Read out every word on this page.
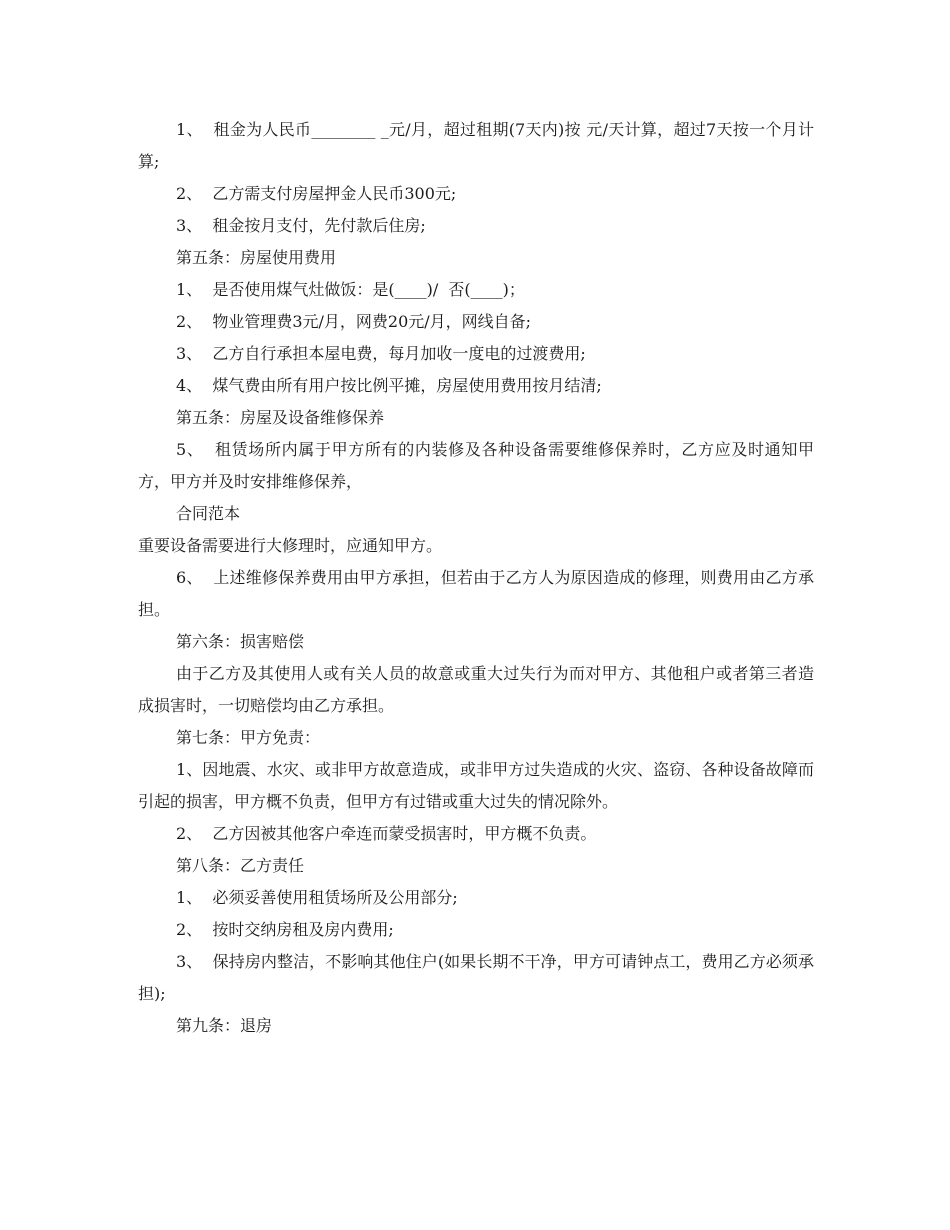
1、  租金为人民币________ _元/月，超过租期(7天内)按 元/天计算，超过7天按一个月计算;

2、  乙方需支付房屋押金人民币300元;

3、  租金按月支付，先付款后住房;

第五条：房屋使用费用

1、  是否使用煤气灶做饭：是(____)/  否(____)；

2、  物业管理费3元/月，网费20元/月，网线自备;

3、  乙方自行承担本屋电费，每月加收一度电的过渡费用;

4、  煤气费由所有用户按比例平摊，房屋使用费用按月结清;

第五条：房屋及设备维修保养

5、  租赁场所内属于甲方所有的内装修及各种设备需要维修保养时，乙方应及时通知甲方，甲方并及时安排维修保养，

合同范本

重要设备需要进行大修理时，应通知甲方。

6、  上述维修保养费用由甲方承担，但若由于乙方人为原因造成的修理，则费用由乙方承担。

第六条：损害赔偿

由于乙方及其使用人或有关人员的故意或重大过失行为而对甲方、其他租户或者第三者造成损害时，一切赔偿均由乙方承担。

第七条：甲方免责：

1、因地震、水灾、或非甲方故意造成，或非甲方过失造成的火灾、盗窃、各种设备故障而引起的损害，甲方概不负责，但甲方有过错或重大过失的情况除外。

2、  乙方因被其他客户牵连而蒙受损害时，甲方概不负责。

第八条：乙方责任

1、  必须妥善使用租赁场所及公用部分;

2、  按时交纳房租及房内费用;

3、  保持房内整洁，不影响其他住户(如果长期不干净，甲方可请钟点工，费用乙方必须承担);

第九条：退房
